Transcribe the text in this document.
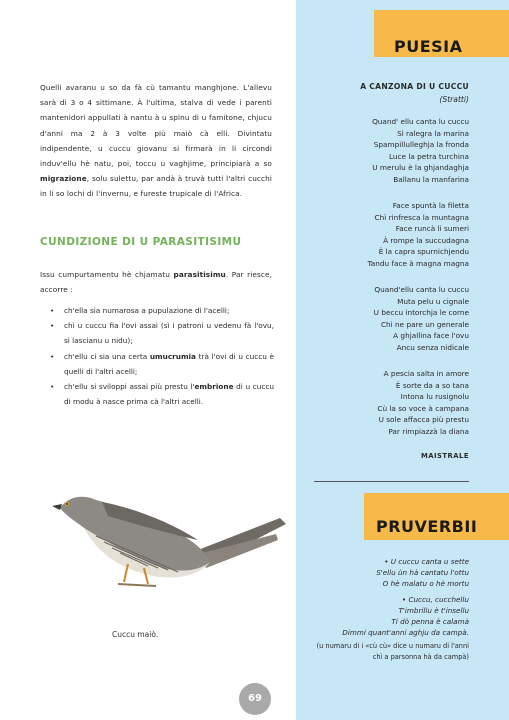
PUESIA
PRUVERBII

Quelli avaranu u so da fà cù tamantu manghjone. L'allevu sarà di 3 o 4 sittimane. À l'ultima, stalva di vede i parenti mantenidori appullati à nantu à u spinu di u famitone, chjucu d'anni ma 2 à 3 volte più maiò cà elli. Divintatu indipendente, u cuccu giovanu si firmarà in li circondi induv'ellu hè natu, poi, toccu u vaghjime, principiarà a so migrazione, solu sulettu, par andà à truvà tutti l'altri cucchi in li so lochi di l'invernu, e fureste trupicale di l'Africa.

CUNDIZIONE DI U PARASITISIMU

Issu cumpurtamentu hè chjamatu parasitisimu. Par riesce, accorre :

• ch'ella sia numarosa a pupulazione di l'acelli;
• chì u cuccu fia l'ovi assai (sì i patroni u vedenu fà l'ovu, si lascianu u nidu);
• ch'ellu ci sia una certa umucrumia trà l'ovi di u cuccu è quelli di l'altri acelli;
• ch'ellu si sviloppi assai più prestu l'embrione di u cuccu di modu à nasce prima cà l'altri acelli.
Cuccu maiò.
69
A CANZONA DI U CUCCU
(Stratti)
Quand' ellu canta lu cuccu
Sì ralegra la marina
Spampillulleghja la fronda
Luce la petra turchina
U merulu è la ghjandaghja
Ballanu la manfarina
Face spuntà la filetta
Chì rinfresca la muntagna
Face runcà li sumeri
À rompe la succudagna
È la capra spurnichjendu
Tandu face à magna magna
Quand'ellu canta lu cuccu
Muta pelu u cignale
U beccu intorchja le corne
Chì ne pare un generale
A ghjallina face l'ovu
Ancu senza nidicale
A pescia salta in amore
È sorte da a so tana
Intona lu rusignolu
Cù la so voce à campana
U sole affacca più prestu
Par rimpiazzà la diana
MAISTRALE
• U cuccu canta u sette
S'ellu ùn hà cantatu l'ottu
O hè malatu o hè mortu
• Cuccu, cucchellu
T'imbrillu è t'insellu
Ti dò penna è calamà
Dimmi quant'anni aghju da campà.
(u numaru di i «cù cù» dice u numaru di l'anni chì a parsonna hà da campà)
